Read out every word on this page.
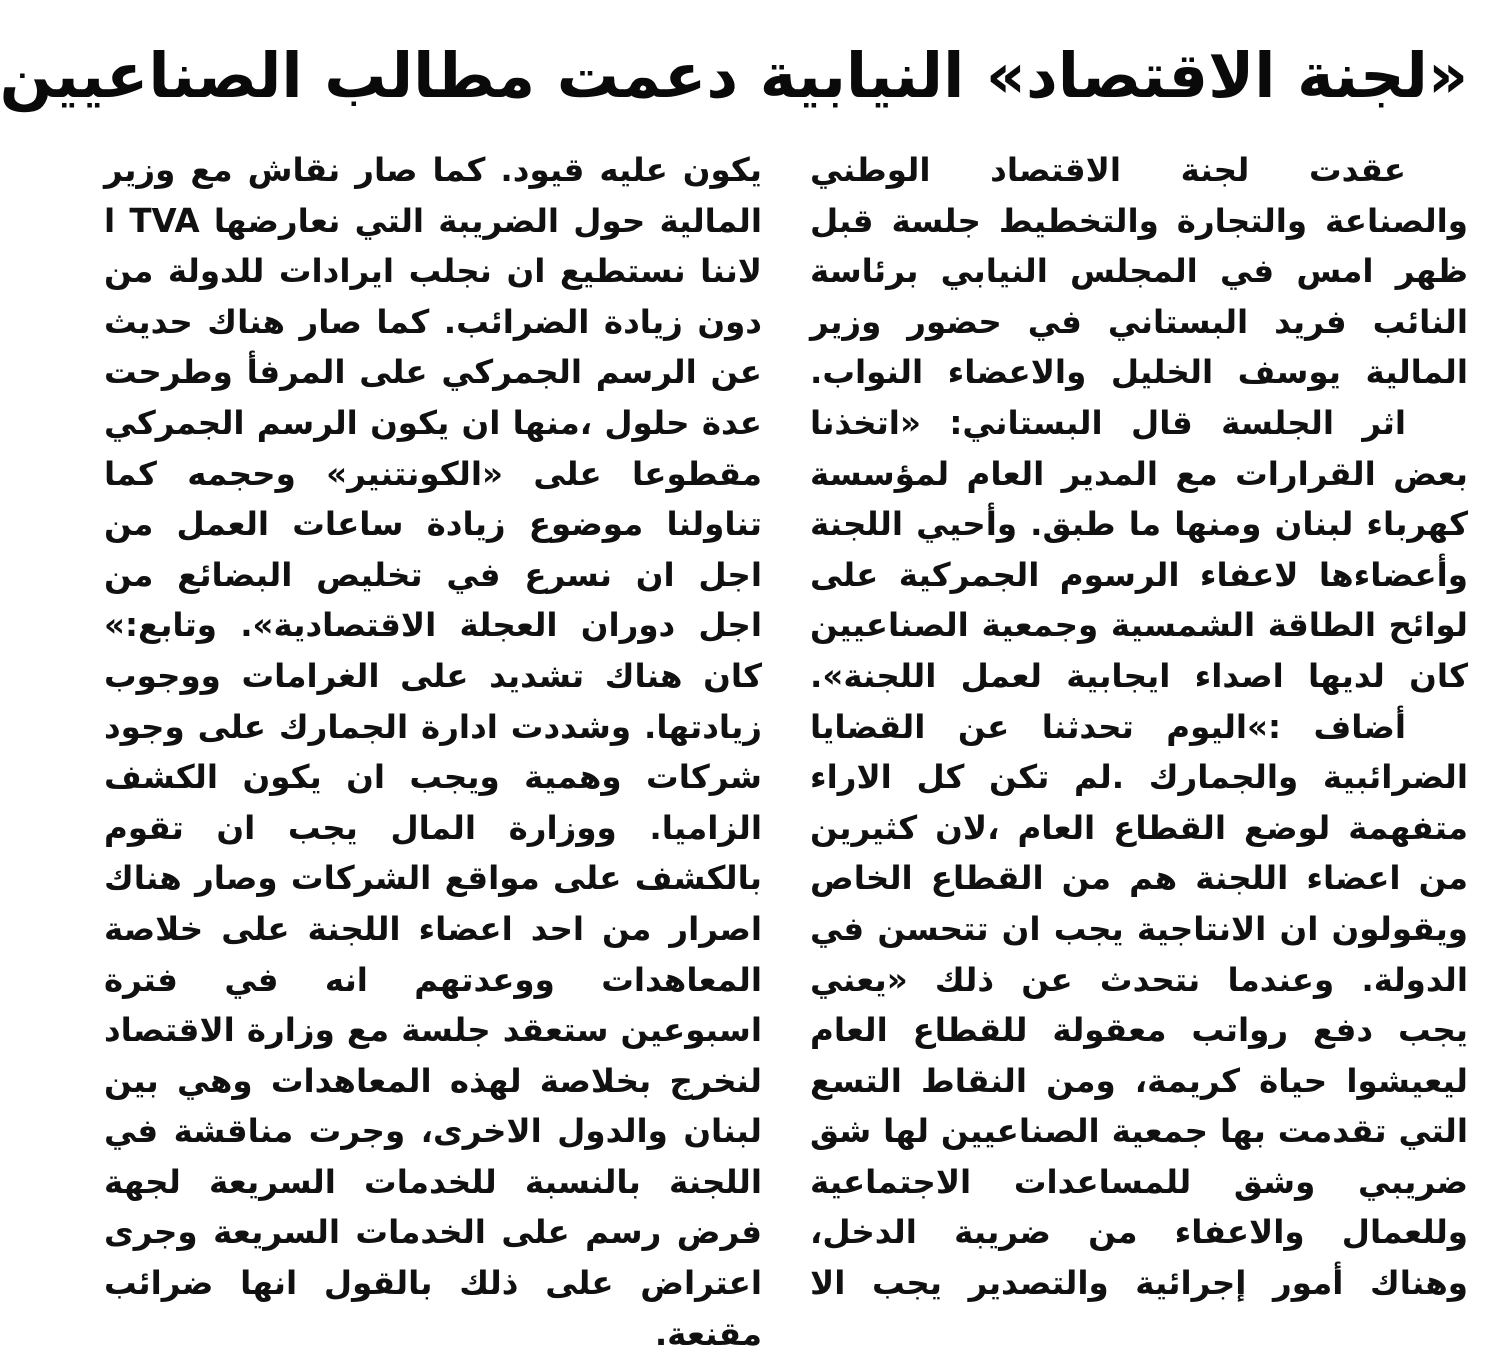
«لجنة الاقتصاد» النيابية دعمت مطالب الصناعيين

عقدت لجنة الاقتصاد الوطني والصناعة والتجارة والتخطيط جلسة قبل ظهر امس في المجلس النيابي برئاسة النائب فريد البستاني في حضور وزير المالية يوسف الخليل والاعضاء النواب.

اثر الجلسة قال البستاني: «اتخذنا بعض القرارات مع المدير العام لمؤسسة كهرباء لبنان ومنها ما طبق. وأحيي اللجنة وأعضاءها لاعفاء الرسوم الجمركية على لوائح الطاقة الشمسية وجمعية الصناعيين كان لديها اصداء ايجابية لعمل اللجنة».

أضاف :»اليوم تحدثنا عن القضايا الضرائبية والجمارك .لم تكن كل الاراء متفهمة لوضع القطاع العام ،لان كثيرين من اعضاء اللجنة هم من القطاع الخاص ويقولون ان الانتاجية يجب ان تتحسن في الدولة. وعندما نتحدث عن ذلك «يعني يجب دفع رواتب معقولة للقطاع العام ليعيشوا حياة كريمة، ومن النقاط التسع التي تقدمت بها جمعية الصناعيين لها شق ضريبي وشق للمساعدات الاجتماعية وللعمال والاعفاء من ضريبة الدخل، وهناك أمور إجرائية والتصدير يجب الا

يكون عليه قيود. كما صار نقاش مع وزير المالية حول الضريبة التي نعارضها TVA ا لاننا نستطيع ان نجلب ايرادات للدولة من دون زيادة الضرائب. كما صار هناك حديث عن الرسم الجمركي على المرفأ وطرحت عدة حلول ،منها ان يكون الرسم الجمركي مقطوعا على «الكونتنير» وحجمه كما تناولنا موضوع زيادة ساعات العمل من اجل ان نسرع في تخليص البضائع من اجل دوران العجلة الاقتصادية». وتابع:» كان هناك تشديد على الغرامات ووجوب زيادتها. وشددت ادارة الجمارك على وجود شركات وهمية ويجب ان يكون الكشف الزاميا. ووزارة المال يجب ان تقوم بالكشف على مواقع الشركات وصار هناك اصرار من احد اعضاء اللجنة على خلاصة المعاهدات ووعدتهم انه في فترة اسبوعين ستعقد جلسة مع وزارة الاقتصاد لنخرج بخلاصة لهذه المعاهدات وهي بين لبنان والدول الاخرى، وجرت مناقشة في اللجنة بالنسبة للخدمات السريعة لجهة فرض رسم على الخدمات السريعة وجرى اعتراض على ذلك بالقول انها ضرائب مقنعة.
